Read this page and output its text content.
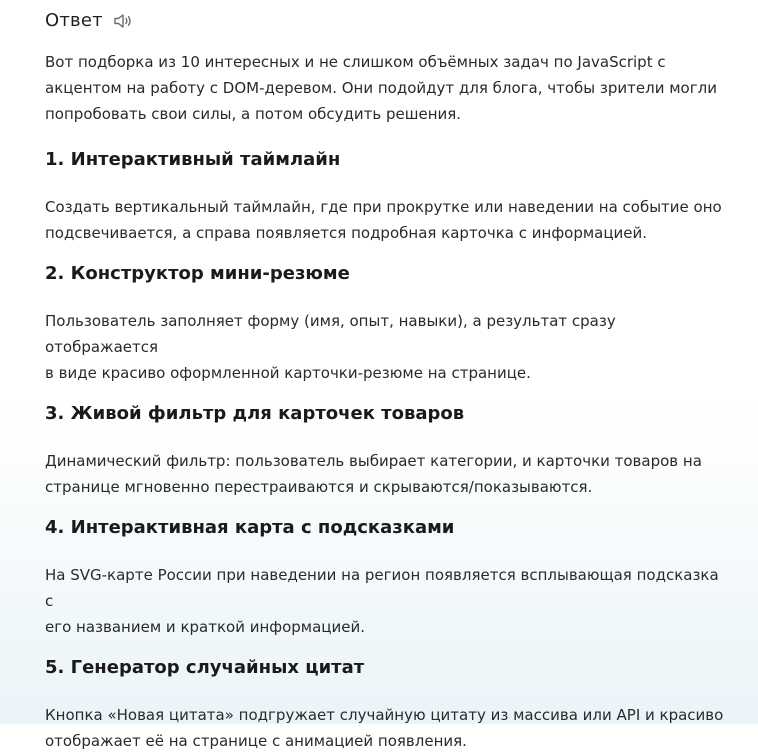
Ответ

Вот подборка из 10 интересных и не слишком объёмных задач по JavaScript с
акцентом на работу с DOM-деревом. Они подойдут для блога, чтобы зрители могли
попробовать свои силы, а потом обсудить решения.

1. Интерактивный таймлайн

Создать вертикальный таймлайн, где при прокрутке или наведении на событие оно
подсвечивается, а справа появляется подробная карточка с информацией.

2. Конструктор мини-резюме

Пользователь заполняет форму (имя, опыт, навыки), а результат сразу отображается
в виде красиво оформленной карточки-резюме на странице.

3. Живой фильтр для карточек товаров

Динамический фильтр: пользователь выбирает категории, и карточки товаров на
странице мгновенно перестраиваются и скрываются/показываются.

4. Интерактивная карта с подсказками

На SVG-карте России при наведении на регион появляется всплывающая подсказка с
его названием и краткой информацией.

5. Генератор случайных цитат

Кнопка «Новая цитата» подгружает случайную цитату из массива или API и красиво
отображает её на странице с анимацией появления.
